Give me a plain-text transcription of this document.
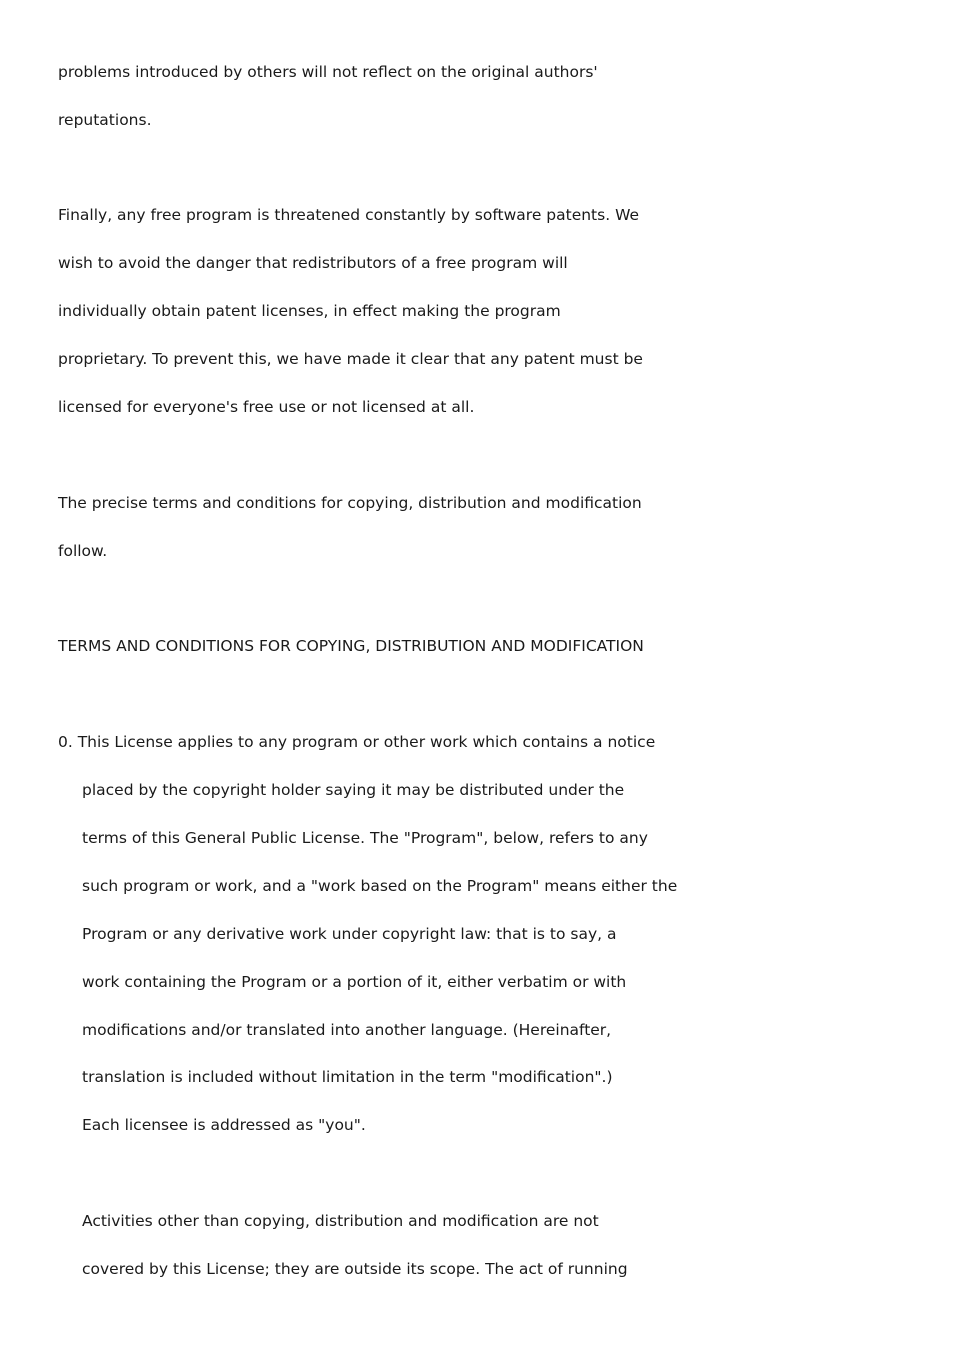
problems introduced by others will not reflect on the original authors'

reputations.

Finally, any free program is threatened constantly by software patents. We

wish to avoid the danger that redistributors of a free program will

individually obtain patent licenses, in effect making the program

proprietary. To prevent this, we have made it clear that any patent must be

licensed for everyone's free use or not licensed at all.

The precise terms and conditions for copying, distribution and modification

follow.

TERMS AND CONDITIONS FOR COPYING, DISTRIBUTION AND MODIFICATION

0. This License applies to any program or other work which contains a notice

placed by the copyright holder saying it may be distributed under the

terms of this General Public License. The "Program", below, refers to any

such program or work, and a "work based on the Program" means either the

Program or any derivative work under copyright law: that is to say, a

work containing the Program or a portion of it, either verbatim or with

modifications and/or translated into another language. (Hereinafter,

translation is included without limitation in the term "modification".)

Each licensee is addressed as "you".

Activities other than copying, distribution and modification are not

covered by this License; they are outside its scope. The act of running
